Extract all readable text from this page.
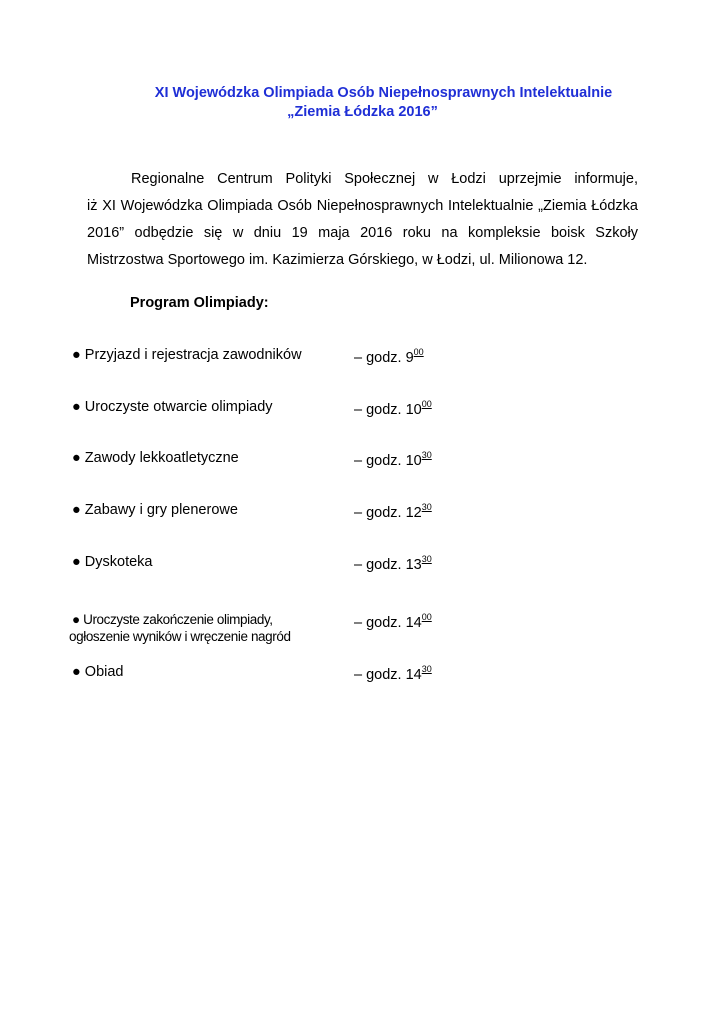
XI Wojewódzka Olimpiada Osób Niepełnosprawnych Intelektualnie
„Ziemia Łódzka 2016”
Regionalne Centrum Polityki Społecznej w Łodzi uprzejmie informuje,
iż XI Wojewódzka Olimpiada Osób Niepełnosprawnych Intelektualnie „Ziemia Łódzka
2016” odbędzie się w dniu 19 maja 2016 roku na kompleksie boisk Szkoły
Mistrzostwa Sportowego im. Kazimierza Górskiego, w Łodzi, ul. Milionowa 12.
Program Olimpiady:
● Przyjazd i rejestracja zawodników	– godz. $9^{00}$
● Uroczyste otwarcie olimpiady	– godz. $10^{00}$
● Zawody lekkoatletyczne	– godz. $10^{30}$
● Zabawy i gry plenerowe	– godz. $12^{30}$
● Dyskoteka	– godz. $13^{30}$
● Uroczyste zakończenie olimpiady,
ogłoszenie wyników i wręczenie nagród
– godz. $14^{00}$
● Obiad	– godz. $14^{30}$
